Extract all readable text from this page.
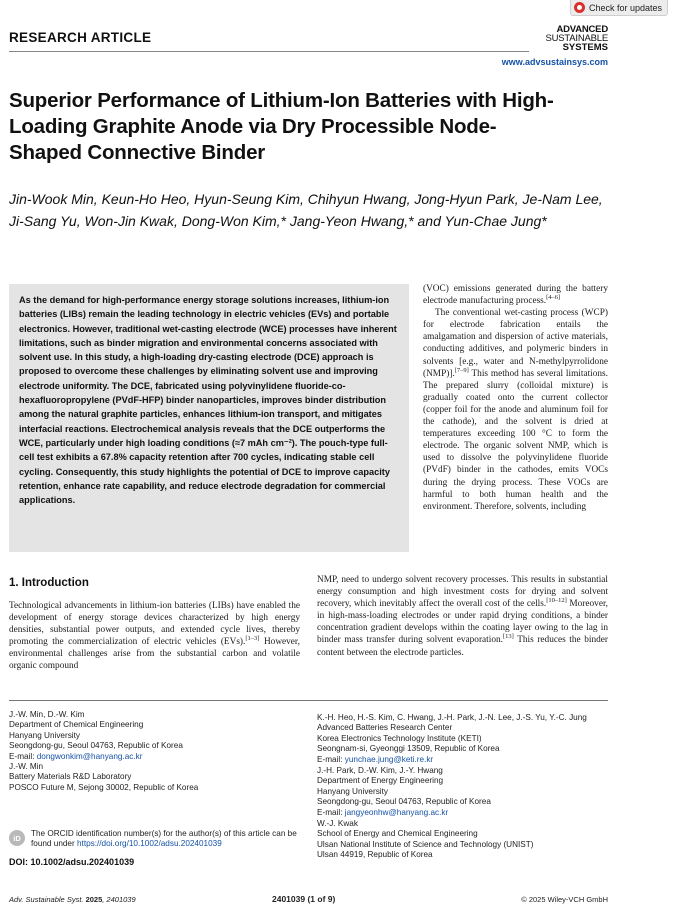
Check for updates
RESEARCH ARTICLE
ADVANCED
SUSTAINABLE
SYSTEMS
www.advsustainsys.com
Superior Performance of Lithium-Ion Batteries with High-Loading Graphite Anode via Dry Processible Node-Shaped Connective Binder
Jin-Wook Min, Keun-Ho Heo, Hyun-Seung Kim, Chihyun Hwang, Jong-Hyun Park, Je-Nam Lee, Ji-Sang Yu, Won-Jin Kwak, Dong-Won Kim,* Jang-Yeon Hwang,* and Yun-Chae Jung*
As the demand for high-performance energy storage solutions increases, lithium-ion batteries (LIBs) remain the leading technology in electric vehicles (EVs) and portable electronics. However, traditional wet-casting electrode (WCE) processes have inherent limitations, such as binder migration and environmental concerns associated with solvent use. In this study, a high-loading dry-casting electrode (DCE) approach is proposed to overcome these challenges by eliminating solvent use and improving electrode uniformity. The DCE, fabricated using polyvinylidene fluoride-co-hexafluoropropylene (PVdF-HFP) binder nanoparticles, improves binder distribution among the natural graphite particles, enhances lithium-ion transport, and mitigates interfacial reactions. Electrochemical analysis reveals that the DCE outperforms the WCE, particularly under high loading conditions (≈7 mAh cm⁻²). The pouch-type full-cell test exhibits a 67.8% capacity retention after 700 cycles, indicating stable cell cycling. Consequently, this study highlights the potential of DCE to improve capacity retention, enhance rate capability, and reduce electrode degradation for commercial applications.

(VOC) emissions generated during the battery electrode manufacturing process.[4–6]

The conventional wet-casting process (WCP) for electrode fabrication entails the amalgamation and dispersion of active materials, conducting additives, and polymeric binders in solvents [e.g., water and N-methylpyrrolidone (NMP)].[7–9] This method has several limitations. The prepared slurry (colloidal mixture) is gradually coated onto the current collector (copper foil for the anode and aluminum foil for the cathode), and the solvent is dried at temperatures exceeding 100 °C to form the electrode. The organic solvent NMP, which is used to dissolve the polyvinylidene fluoride (PVdF) binder in the cathodes, emits VOCs during the drying process. These VOCs are harmful to both human health and the environment. Therefore, solvents, including

1. Introduction

Technological advancements in lithium-ion batteries (LIBs) have enabled the development of energy storage devices characterized by high energy densities, substantial power outputs, and extended cycle lives, thereby promoting the commercialization of electric vehicles (EVs).[1–3] However, environmental challenges arise from the substantial carbon and volatile organic compound

NMP, need to undergo solvent recovery processes. This results in substantial energy consumption and high investment costs for drying and solvent recovery, which inevitably affect the overall cost of the cells.[10–12] Moreover, in high-mass-loading electrodes or under rapid drying conditions, a binder concentration gradient develops within the coating layer owing to the lag in binder mass transfer during solvent evaporation.[13] This reduces the binder content between the electrode particles.

J.-W. Min, D.-W. Kim
Department of Chemical Engineering
Hanyang University
Seongdong-gu, Seoul 04763, Republic of Korea
E-mail: dongwonkim@hanyang.ac.kr
J.-W. Min
Battery Materials R&D Laboratory
POSCO Future M, Sejong 30002, Republic of Korea
K.-H. Heo, H.-S. Kim, C. Hwang, J.-H. Park, J.-N. Lee, J.-S. Yu, Y.-C. Jung
Advanced Batteries Research Center
Korea Electronics Technology Institute (KETI)
Seongnam-si, Gyeonggi 13509, Republic of Korea
E-mail: yunchae.jung@keti.re.kr
J.-H. Park, D.-W. Kim, J.-Y. Hwang
Department of Energy Engineering
Hanyang University
Seongdong-gu, Seoul 04763, Republic of Korea
E-mail: jangyeonhw@hanyang.ac.kr
W.-J. Kwak
School of Energy and Chemical Engineering
Ulsan National Institute of Science and Technology (UNIST)
Ulsan 44919, Republic of Korea
iD	The ORCID identification number(s) for the author(s) of this article can be found under https://doi.org/10.1002/adsu.202401039
DOI: 10.1002/adsu.202401039
Adv. Sustainable Syst. 2025, 2401039	2401039 (1 of 9)	© 2025 Wiley-VCH GmbH
